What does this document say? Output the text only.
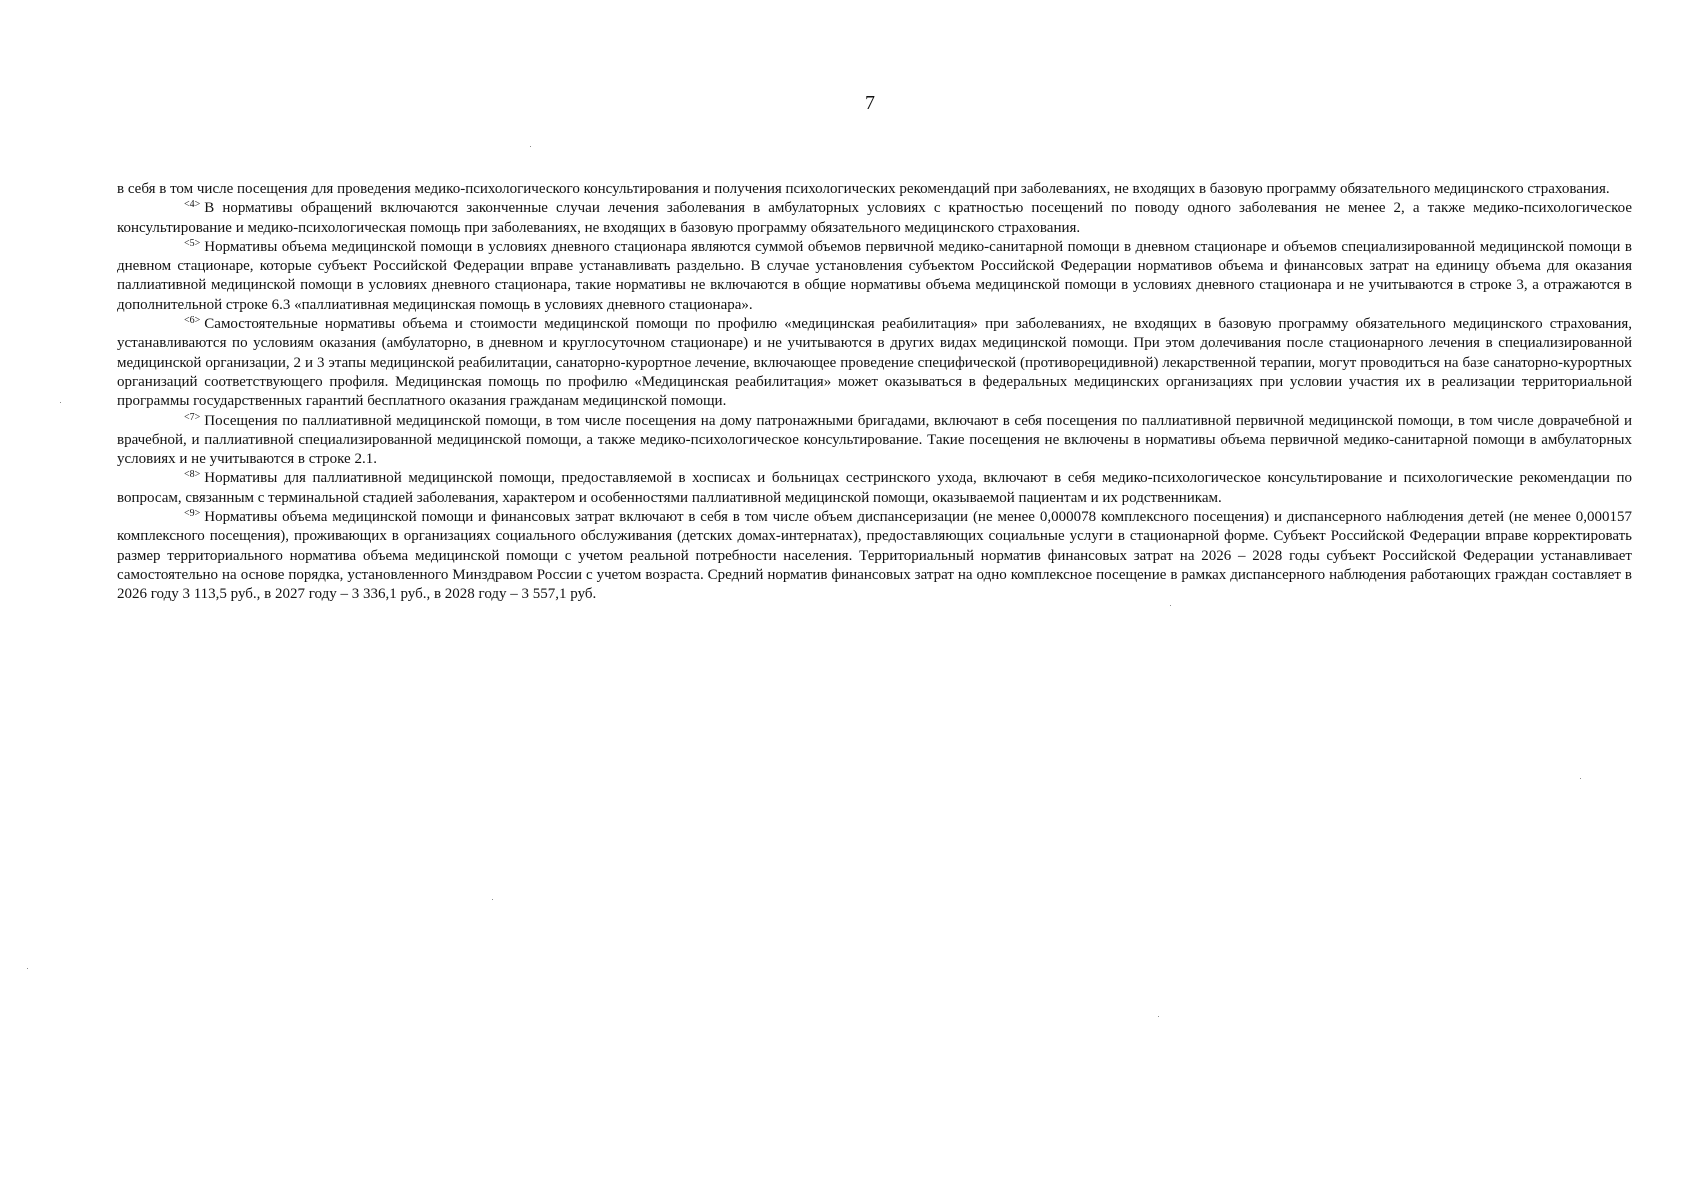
7

в себя в том числе посещения для проведения медико-психологического консультирования и получения психологических рекомендаций при заболеваниях, не входящих в базовую программу обязательного медицинского страхования.

$^{<4>}$ В нормативы обращений включаются законченные случаи лечения заболевания в амбулаторных условиях с кратностью посещений по поводу одного заболевания не менее 2, а также медико-психологическое консультирование и медико-психологическая помощь при заболеваниях, не входящих в базовую программу обязательного медицинского страхования.

$^{<5>}$ Нормативы объема медицинской помощи в условиях дневного стационара являются суммой объемов первичной медико-санитарной помощи в дневном стационаре и объемов специализированной медицинской помощи в дневном стационаре, которые субъект Российской Федерации вправе устанавливать раздельно. В случае установления субъектом Российской Федерации нормативов объема и финансовых затрат на единицу объема для оказания паллиативной медицинской помощи в условиях дневного стационара, такие нормативы не включаются в общие нормативы объема медицинской помощи в условиях дневного стационара и не учитываются в строке 3, а отражаются в дополнительной строке 6.3 «паллиативная медицинская помощь в условиях дневного стационара».

$^{<6>}$ Самостоятельные нормативы объема и стоимости медицинской помощи по профилю «медицинская реабилитация» при заболеваниях, не входящих в базовую программу обязательного медицинского страхования, устанавливаются по условиям оказания (амбулаторно, в дневном и круглосуточном стационаре) и не учитываются в других видах медицинской помощи. При этом долечивания после стационарного лечения в специализированной медицинской организации, 2 и 3 этапы медицинской реабилитации, санаторно-курортное лечение, включающее проведение специфической (противорецидивной) лекарственной терапии, могут проводиться на базе санаторно-курортных организаций соответствующего профиля. Медицинская помощь по профилю «Медицинская реабилитация» может оказываться в федеральных медицинских организациях при условии участия их в реализации территориальной программы государственных гарантий бесплатного оказания гражданам медицинской помощи.

$^{<7>}$ Посещения по паллиативной медицинской помощи, в том числе посещения на дому патронажными бригадами, включают в себя посещения по паллиативной первичной медицинской помощи, в том числе доврачебной и врачебной, и паллиативной специализированной медицинской помощи, а также медико-психологическое консультирование. Такие посещения не включены в нормативы объема первичной медико-санитарной помощи в амбулаторных условиях и не учитываются в строке 2.1.

$^{<8>}$ Нормативы для паллиативной медицинской помощи, предоставляемой в хосписах и больницах сестринского ухода, включают в себя медико-психологическое консультирование и психологические рекомендации по вопросам, связанным с терминальной стадией заболевания, характером и особенностями паллиативной медицинской помощи, оказываемой пациентам и их родственникам.

$^{<9>}$ Нормативы объема медицинской помощи и финансовых затрат включают в себя в том числе объем диспансеризации (не менее 0,000078 комплексного посещения) и диспансерного наблюдения детей (не менее 0,000157 комплексного посещения), проживающих в организациях социального обслуживания (детских домах-интернатах), предоставляющих социальные услуги в стационарной форме. Субъект Российской Федерации вправе корректировать размер территориального норматива объема медицинской помощи с учетом реальной потребности населения. Территориальный норматив финансовых затрат на 2026 – 2028 годы субъект Российской Федерации устанавливает самостоятельно на основе порядка, установленного Минздравом России с учетом возраста. Средний норматив финансовых затрат на одно комплексное посещение в рамках диспансерного наблюдения работающих граждан составляет в 2026 году 3 113,5 руб., в 2027 году – 3 336,1 руб., в 2028 году – 3 557,1 руб.
